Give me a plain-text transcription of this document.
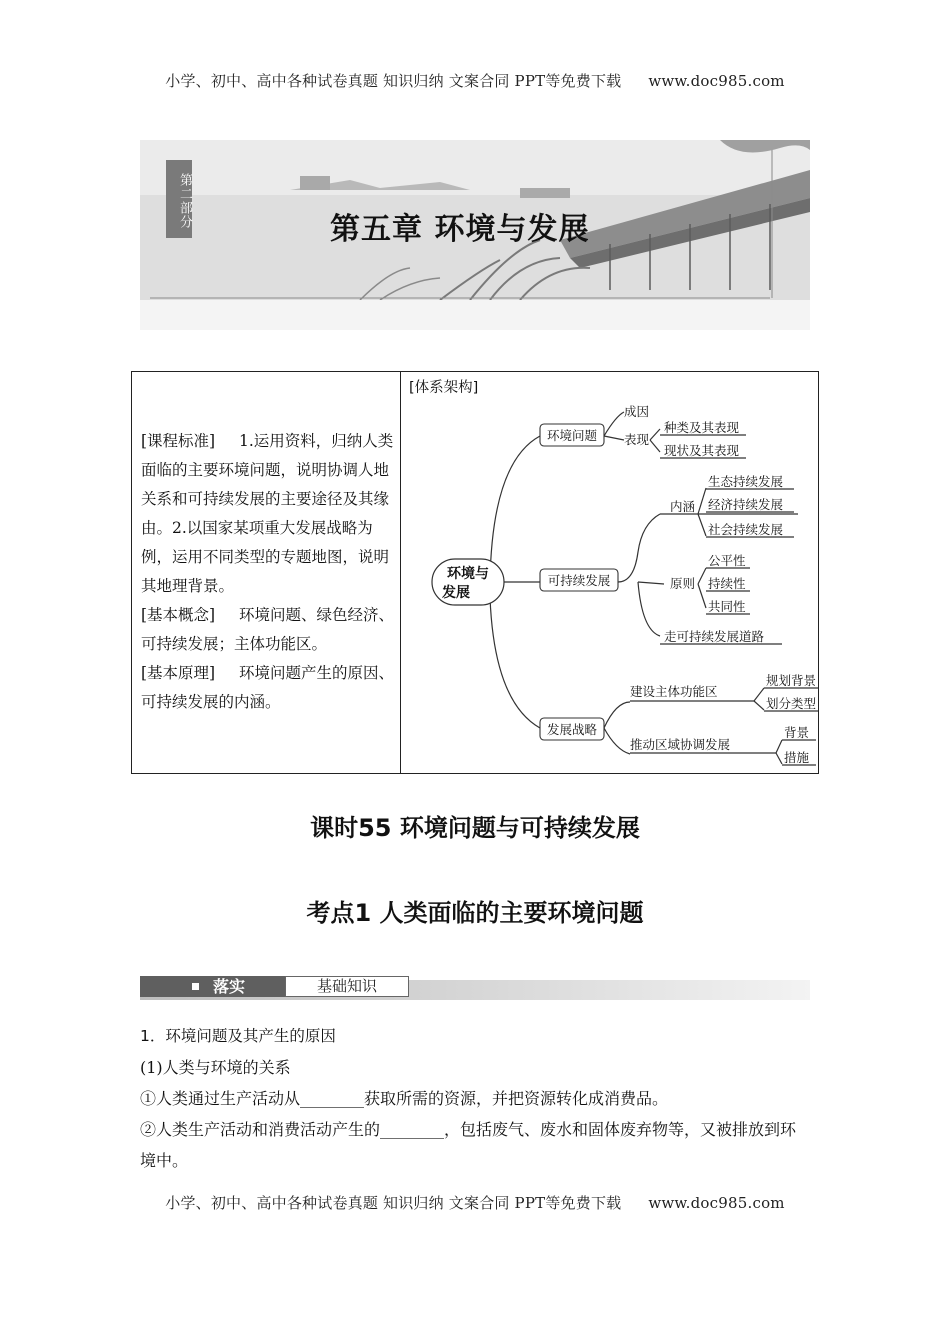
小学、初中、高中各种试卷真题 知识归纳 文案合同 PPT等免费下载 www.doc985.com
第二部分
第五章 环境与发展

[课程标准] 1.运用资料，归纳人类面临的主要环境问题，说明协调人地关系和可持续发展的主要途径及其缘由。2.以国家某项重大发展战略为例，运用不同类型的专题地图，说明其地理背景。

[基本概念] 环境问题、绿色经济、可持续发展；主体功能区。

[基本原理] 环境问题产生的原因、可持续发展的内涵。

[体系架构]
环境与
发展
环境问题
可持续发展
发展战略
成因
表现
种类及其表现
现状及其表现
内涵
生态持续发展
经济持续发展
社会持续发展
原则
公平性
持续性
共同性
走可持续发展道路
建设主体功能区
规划背景
划分类型
推动区域协调发展
背景
措施
课时55 环境问题与可持续发展
考点1 人类面临的主要环境问题
落实	基础知识

1．环境问题及其产生的原因

(1)人类与环境的关系

①人类通过生产活动从________获取所需的资源，并把资源转化成消费品。

②人类生产活动和消费活动产生的________，包括废气、废水和固体废弃物等，又被排放到环境中。

小学、初中、高中各种试卷真题 知识归纳 文案合同 PPT等免费下载 www.doc985.com
